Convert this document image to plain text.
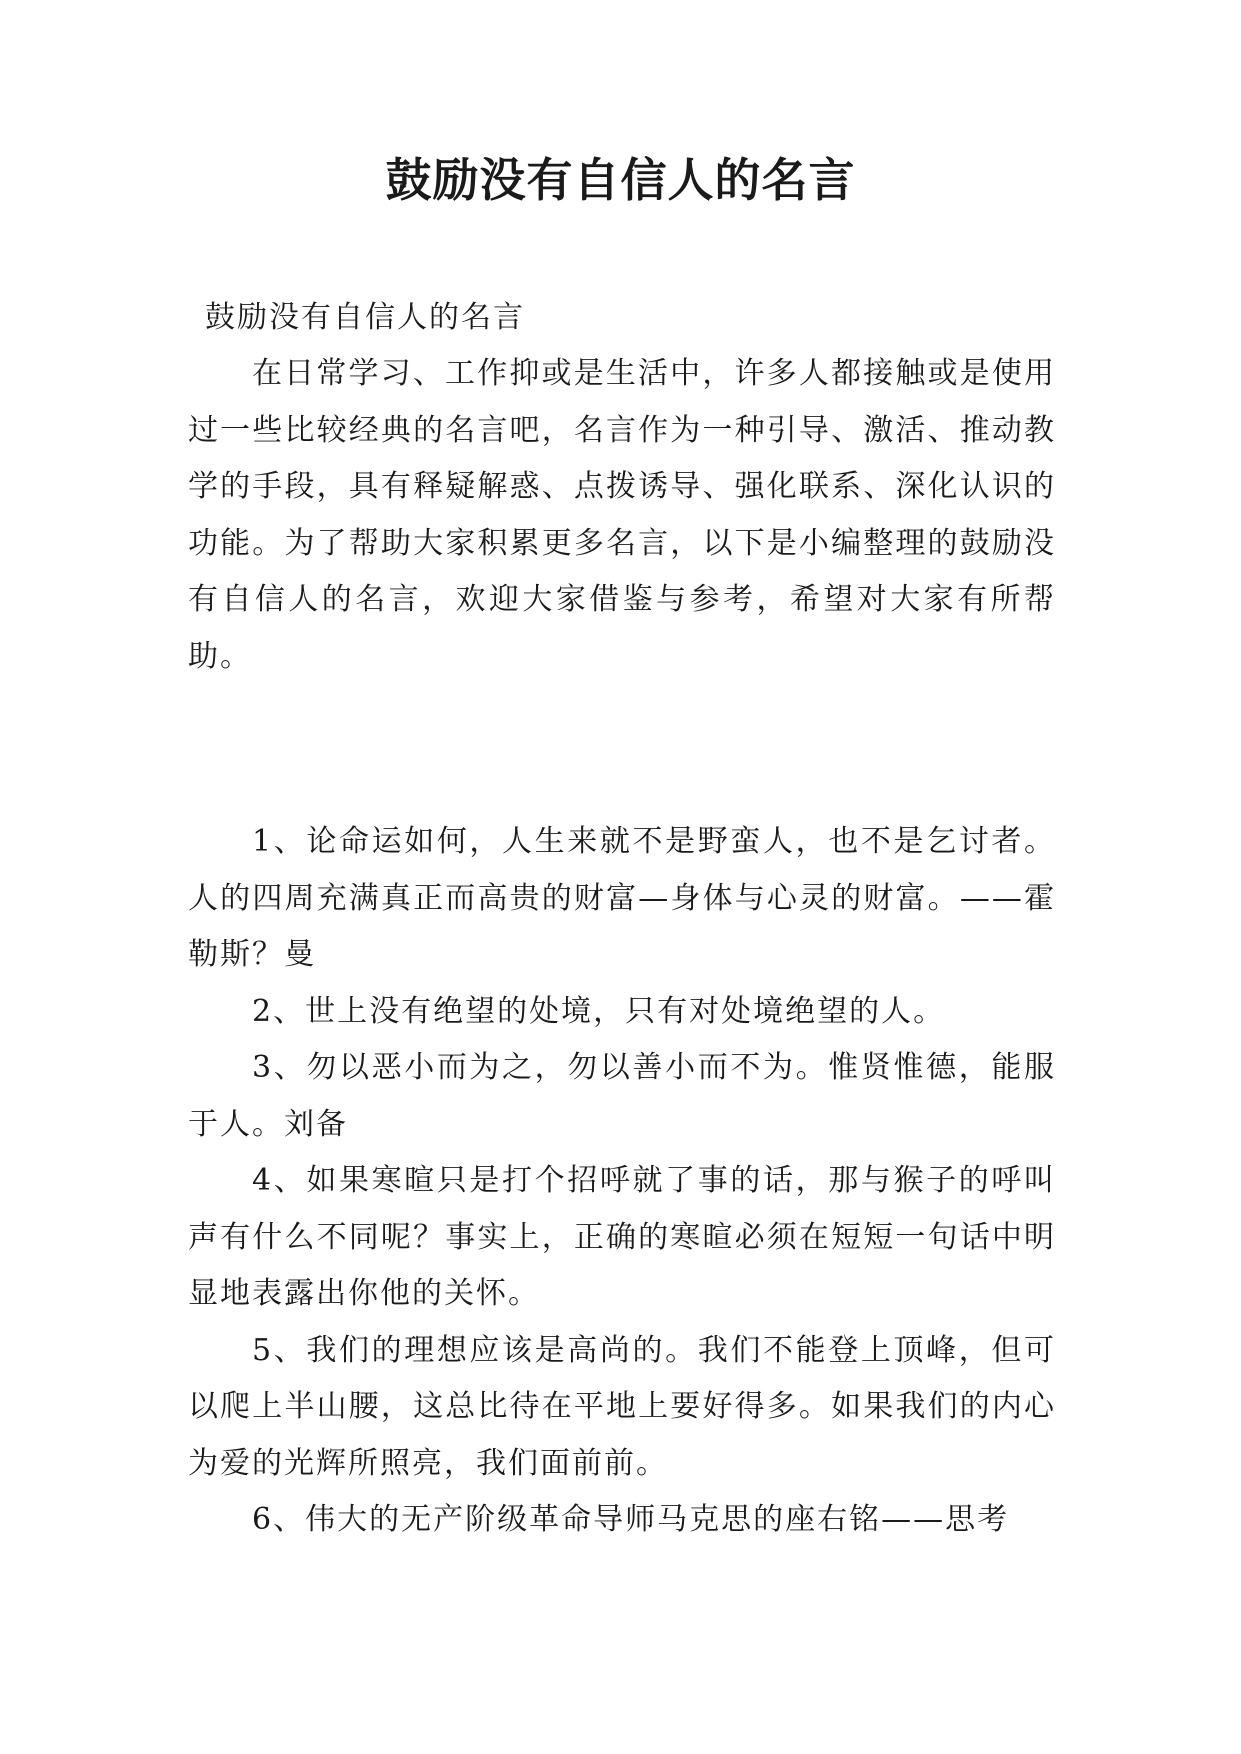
鼓励没有自信人的名言
鼓励没有自信人的名言

在日常学习、工作抑或是生活中，许多人都接触或是使用过一些比较经典的名言吧，名言作为一种引导、激活、推动教学的手段，具有释疑解惑、点拨诱导、强化联系、深化认识的功能。为了帮助大家积累更多名言，以下是小编整理的鼓励没有自信人的名言，欢迎大家借鉴与参考，希望对大家有所帮助。

1、论命运如何，人生来就不是野蛮人，也不是乞讨者。人的四周充满真正而高贵的财富—身体与心灵的财富。——霍勒斯？曼

2、世上没有绝望的处境，只有对处境绝望的人。

3、勿以恶小而为之，勿以善小而不为。惟贤惟德，能服于人。刘备

4、如果寒暄只是打个招呼就了事的话，那与猴子的呼叫声有什么不同呢？事实上，正确的寒暄必须在短短一句话中明显地表露出你他的关怀。

5、我们的理想应该是高尚的。我们不能登上顶峰，但可以爬上半山腰，这总比待在平地上要好得多。如果我们的内心为爱的光辉所照亮，我们面前前。

6、伟大的无产阶级革命导师马克思的座右铭——思考
